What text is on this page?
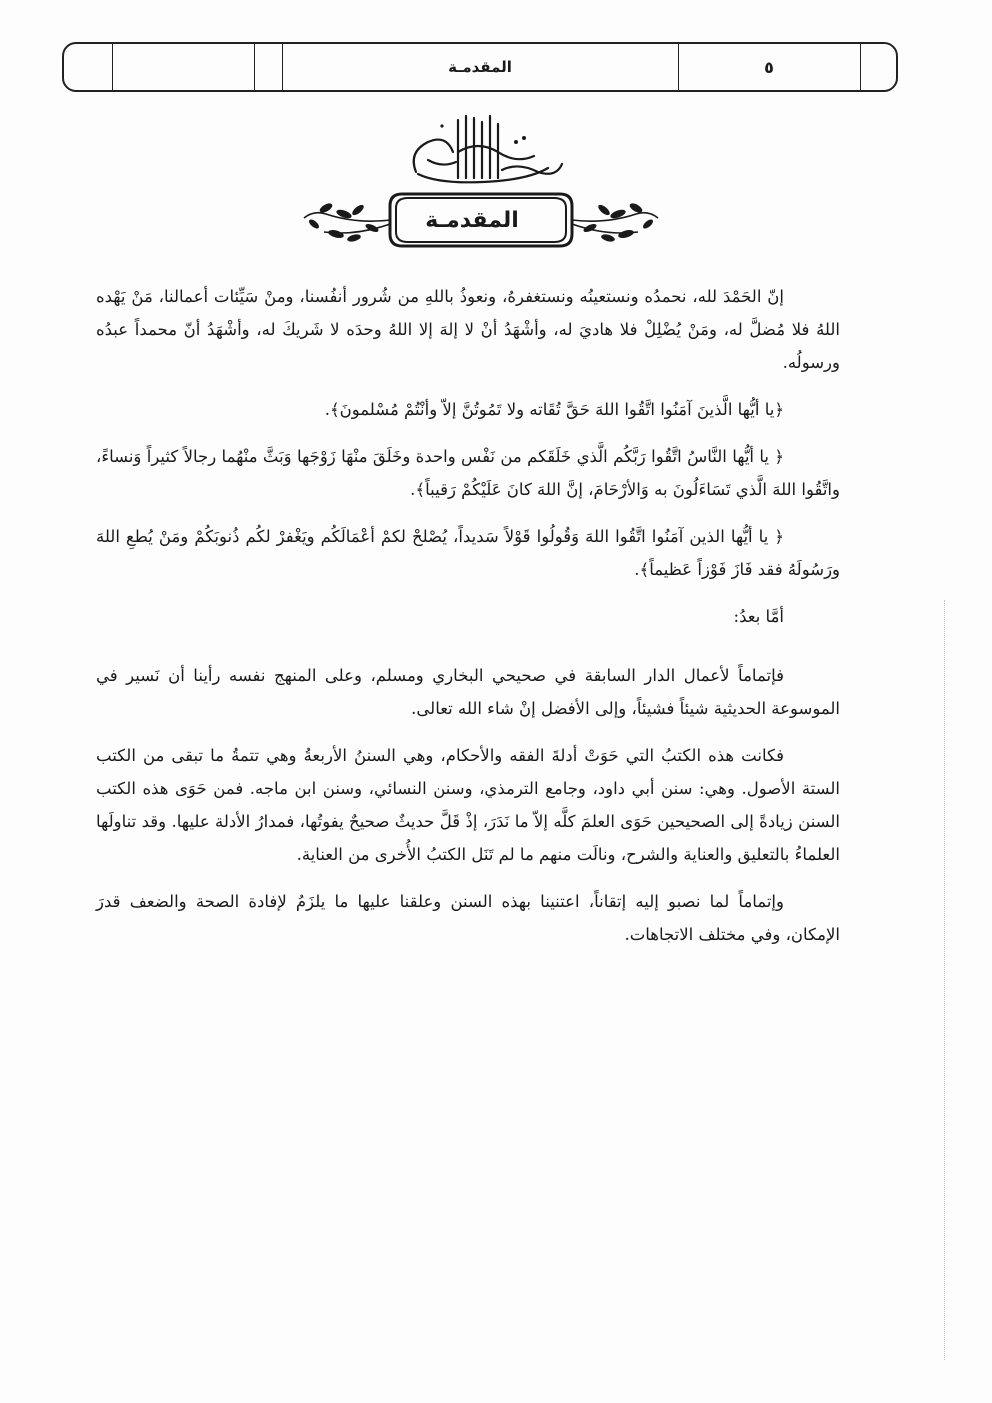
المقدمـة	٥
المقدمـة

إنّ الحَمْدَ لله، نحمدُه ونستعينُه ونستغفرهُ، ونعوذُ باللهِ من شُرور أنفُسنا، ومنْ سَيِّئات أعمالنا، مَنْ يَهْده اللهُ فلا مُضلَّ له، ومَنْ يُضْلِلْ فلا هاديَ له، وأشْهَدُ أنْ لا إلهَ إلا اللهُ وحدَه لا شَريكَ له، وأشْهَدُ أنّ محمداً عبدُه ورسولُه.

﴿يا أيُّها الَّذينَ آمَنُوا اتَّقُوا اللهَ حَقَّ تُقَاته ولا تَمُوتُنَّ إلاّ وأنْتُمْ مُسْلمونَ﴾.

﴿ يا أيُّها النَّاسُ اتَّقُوا رَبَّكُم الَّذي خَلَقَكم من نَفْس واحدة وخَلَقَ منْهَا زَوْجَها وَبَثَّ منْهُما رجالاً كثيراً وَنساءً، واتَّقُوا اللهَ الَّذي تَسَاءَلُونَ به وَالأرْحَامَ، إنَّ اللهَ كانَ عَلَيْكُمْ رَقيباً﴾.

﴿ يا أيُّها الذين آمَنُوا اتَّقُوا اللهَ وَقُولُوا قَوْلاً سَديداً، يُصْلحْ لكمْ أعْمَالَكُم ويَغْفرْ لكُم ذُنوبَكُمْ ومَنْ يُطعِ اللهَ ورَسُولَهُ فقد فَازَ فَوْزاً عَظيماً﴾.

أمَّا بعدُ:

فإتماماً لأعمال الدار السابقة في صحيحي البخاري ومسلم، وعلى المنهج نفسه رأينا أن نَسير في الموسوعة الحديثية شيئاً فشيئاً، وإلى الأفضل إنْ شاء الله تعالى.

فكانت هذه الكتبُ التي حَوَتْ أدلةَ الفقه والأحكام، وهي السننُ الأربعةُ وهي تتمةُ ما تبقى من الكتب الستة الأصول. وهي: سنن أبي داود، وجامع الترمذي، وسنن النسائي، وسنن ابن ماجه. فمن حَوَى هذه الكتب السنن زيادةً إلى الصحيحين حَوَى العلمَ كلَّه إلاّ ما نَدَرَ، إذْ قَلَّ حديثٌ صحيحٌ يفوتُها، فمدارُ الأدلة عليها. وقد تناولَها العلماءُ بالتعليق والعناية والشرح، ونالَت منهم ما لم تَنَل الكتبُ الأُخرى من العناية.

وإتماماً لما نصبو إليه إتقاناً، اعتنينا بهذه السنن وعلقنا عليها ما يلزَمُ لإفادة الصحة والضعف قدرَ الإمكان، وفي مختلف الاتجاهات.
